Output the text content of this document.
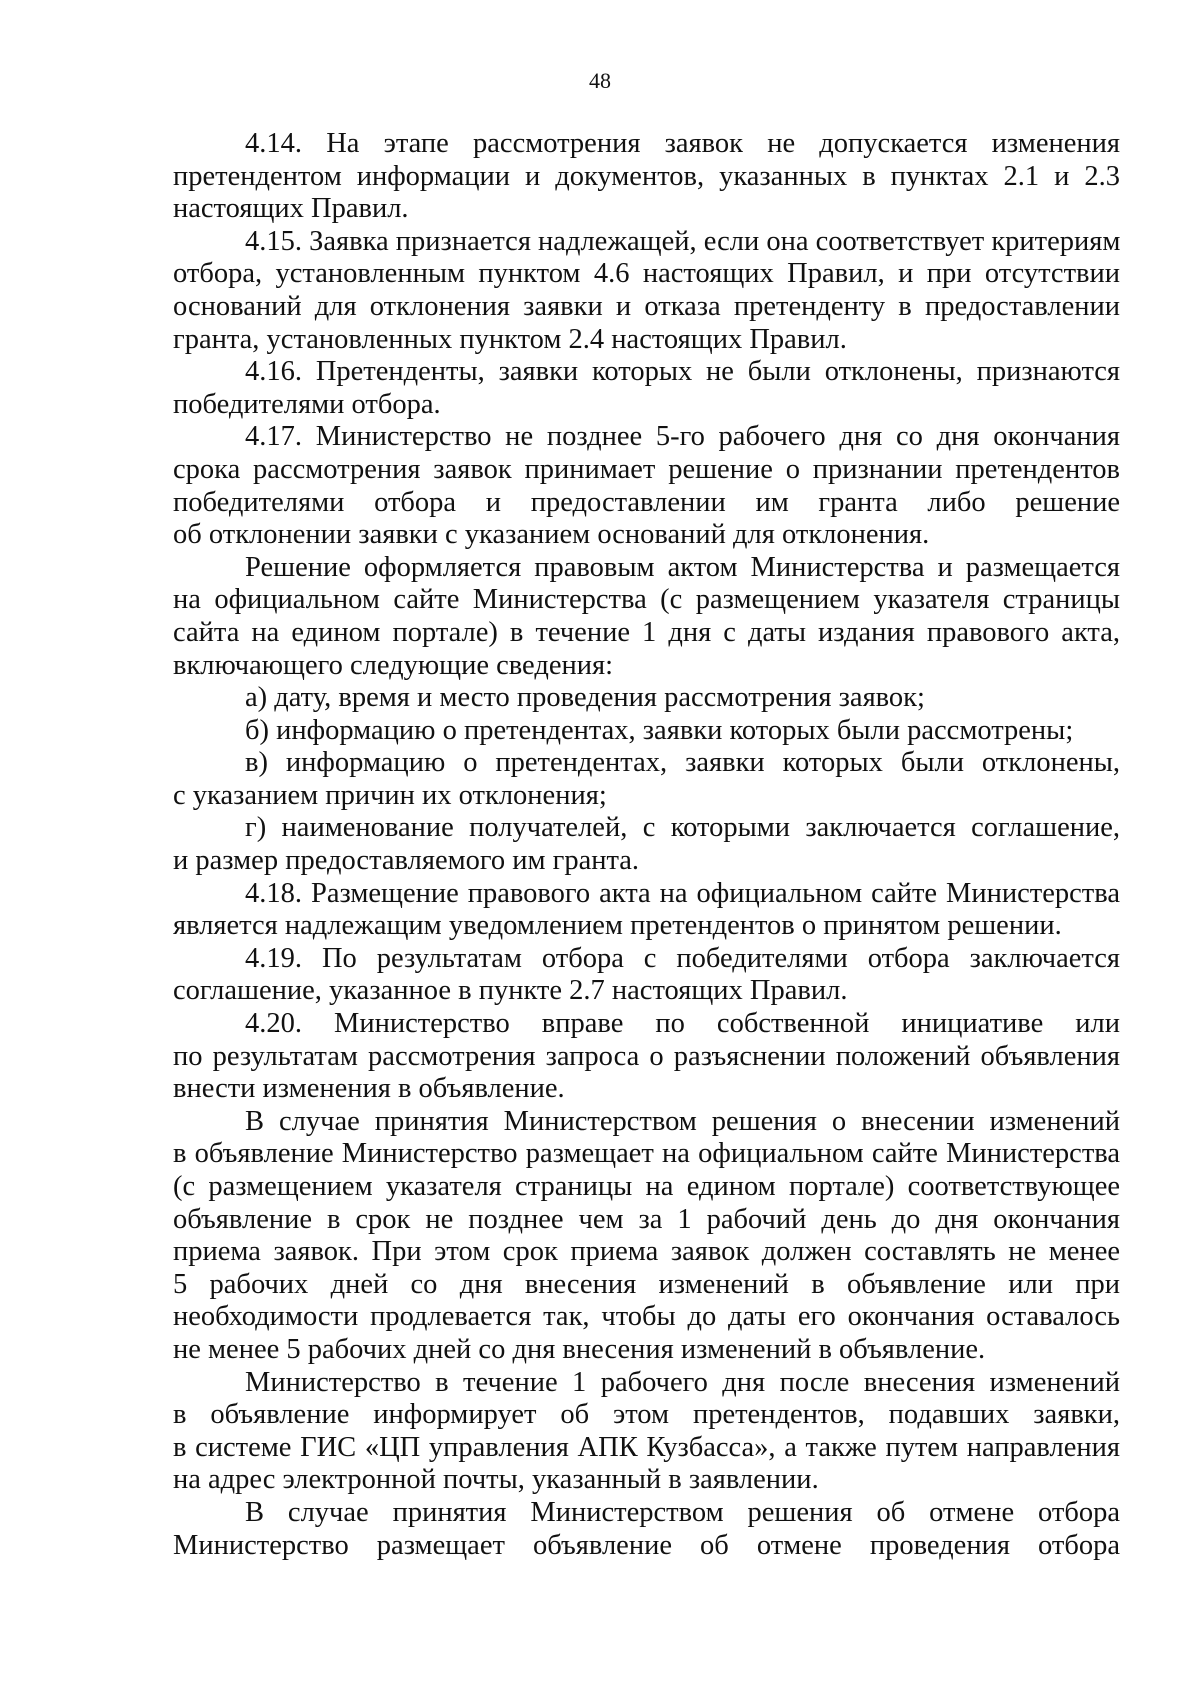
48

4.14. На этапе рассмотрения заявок не допускается изменения
претендентом информации и документов, указанных в пунктах 2.1 и 2.3
настоящих Правил.

4.15. Заявка признается надлежащей, если она соответствует критериям
отбора, установленным пунктом 4.6 настоящих Правил, и при отсутствии
оснований для отклонения заявки и отказа претенденту в предоставлении
гранта, установленных пунктом 2.4 настоящих Правил.

4.16. Претенденты, заявки которых не были отклонены, признаются
победителями отбора.

4.17. Министерство не позднее 5-го рабочего дня со дня окончания
срока рассмотрения заявок принимает решение о признании претендентов
победителями отбора и предоставлении им гранта либо решение
об отклонении заявки с указанием оснований для отклонения.

Решение оформляется правовым актом Министерства и размещается
на официальном сайте Министерства (с размещением указателя страницы
сайта на едином портале) в течение 1 дня с даты издания правового акта,
включающего следующие сведения:

а) дату, время и место проведения рассмотрения заявок;

б) информацию о претендентах, заявки которых были рассмотрены;

в) информацию о претендентах, заявки которых были отклонены,
с указанием причин их отклонения;

г) наименование получателей, с которыми заключается соглашение,
и размер предоставляемого им гранта.

4.18. Размещение правового акта на официальном сайте Министерства
является надлежащим уведомлением претендентов о принятом решении.

4.19. По результатам отбора с победителями отбора заключается
соглашение, указанное в пункте 2.7 настоящих Правил.

4.20. Министерство вправе по собственной инициативе или
по результатам рассмотрения запроса о разъяснении положений объявления
внести изменения в объявление.

В случае принятия Министерством решения о внесении изменений
в объявление Министерство размещает на официальном сайте Министерства
(с размещением указателя страницы на едином портале) соответствующее
объявление в срок не позднее чем за 1 рабочий день до дня окончания
приема заявок. При этом срок приема заявок должен составлять не менее
5 рабочих дней со дня внесения изменений в объявление или при
необходимости продлевается так, чтобы до даты его окончания оставалось
не менее 5 рабочих дней со дня внесения изменений в объявление.

Министерство в течение 1 рабочего дня после внесения изменений
в объявление информирует об этом претендентов, подавших заявки,
в системе ГИС «ЦП управления АПК Кузбасса», а также путем направления
на адрес электронной почты, указанный в заявлении.

В случае принятия Министерством решения об отмене отбора
Министерство размещает объявление об отмене проведения отбора
